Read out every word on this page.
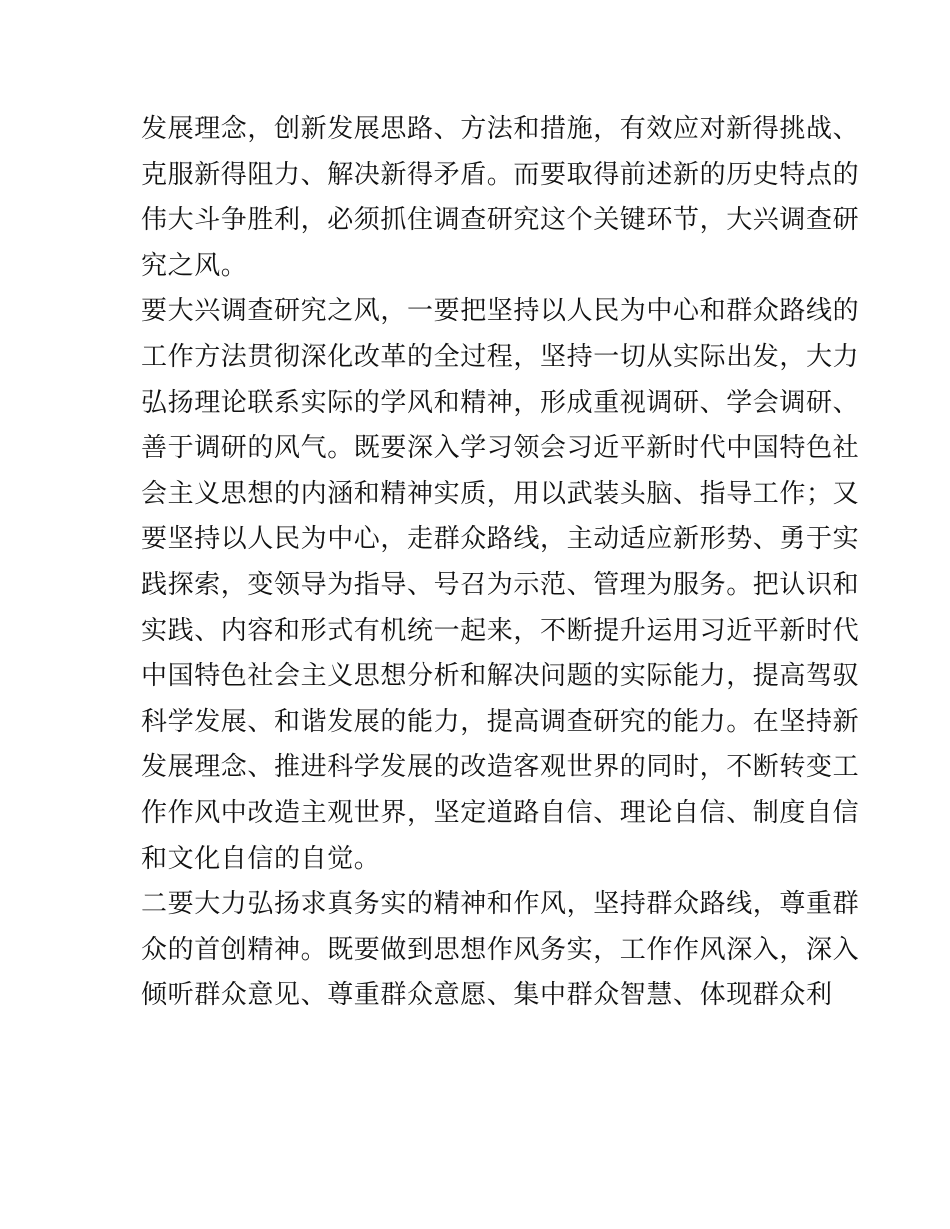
发展理念，创新发展思路、方法和措施，有效应对新得挑战、
克服新得阻力、解决新得矛盾。而要取得前述新的历史特点的
伟大斗争胜利，必须抓住调查研究这个关键环节，大兴调查研
究之风。
要大兴调查研究之风，一要把坚持以人民为中心和群众路线的
工作方法贯彻深化改革的全过程，坚持一切从实际出发，大力
弘扬理论联系实际的学风和精神，形成重视调研、学会调研、
善于调研的风气。既要深入学习领会习近平新时代中国特色社
会主义思想的内涵和精神实质，用以武装头脑、指导工作；又
要坚持以人民为中心，走群众路线，主动适应新形势、勇于实
践探索，变领导为指导、号召为示范、管理为服务。把认识和
实践、内容和形式有机统一起来，不断提升运用习近平新时代
中国特色社会主义思想分析和解决问题的实际能力，提高驾驭
科学发展、和谐发展的能力，提高调查研究的能力。在坚持新
发展理念、推进科学发展的改造客观世界的同时，不断转变工
作作风中改造主观世界，坚定道路自信、理论自信、制度自信
和文化自信的自觉。
二要大力弘扬求真务实的精神和作风，坚持群众路线，尊重群
众的首创精神。既要做到思想作风务实，工作作风深入，深入
倾听群众意见、尊重群众意愿、集中群众智慧、体现群众利
